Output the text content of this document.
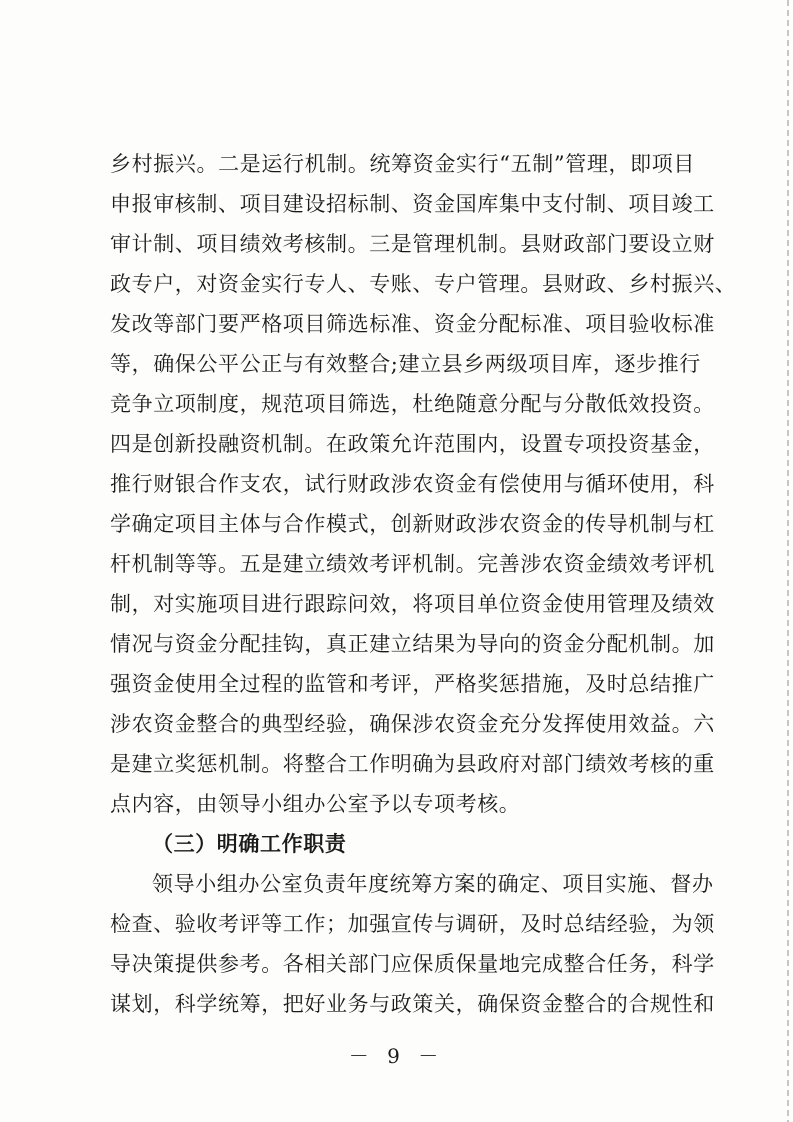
乡村振兴。二是运行机制。统筹资金实行“五制”管理，即项目
申报审核制、项目建设招标制、资金国库集中支付制、项目竣工
审计制、项目绩效考核制。三是管理机制。县财政部门要设立财
政专户，对资金实行专人、专账、专户管理。县财政、乡村振兴、
发改等部门要严格项目筛选标准、资金分配标准、项目验收标准
等，确保公平公正与有效整合;建立县乡两级项目库，逐步推行
竞争立项制度，规范项目筛选，杜绝随意分配与分散低效投资。
四是创新投融资机制。在政策允许范围内，设置专项投资基金，
推行财银合作支农，试行财政涉农资金有偿使用与循环使用，科
学确定项目主体与合作模式，创新财政涉农资金的传导机制与杠
杆机制等等。五是建立绩效考评机制。完善涉农资金绩效考评机
制，对实施项目进行跟踪问效，将项目单位资金使用管理及绩效
情况与资金分配挂钩，真正建立结果为导向的资金分配机制。加
强资金使用全过程的监管和考评，严格奖惩措施，及时总结推广
涉农资金整合的典型经验，确保涉农资金充分发挥使用效益。六
是建立奖惩机制。将整合工作明确为县政府对部门绩效考核的重
点内容，由领导小组办公室予以专项考核。
（三）明确工作职责
领导小组办公室负责年度统筹方案的确定、项目实施、督办
检查、验收考评等工作；加强宣传与调研，及时总结经验，为领
导决策提供参考。各相关部门应保质保量地完成整合任务，科学
谋划，科学统筹，把好业务与政策关，确保资金整合的合规性和
－ 9 －
